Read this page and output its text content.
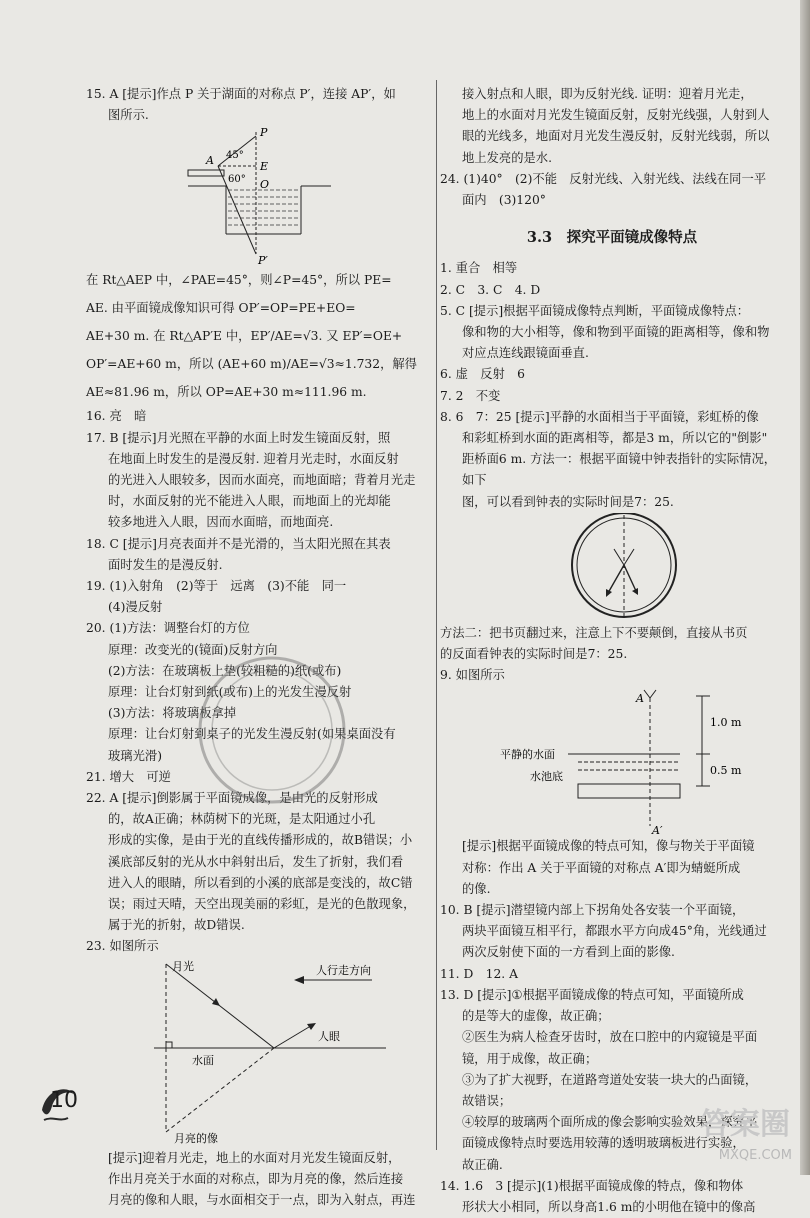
15. A [提示]作点 P 关于湖面的对称点 P′，连接 AP′，如

图所示.

P
A	E
O
P′
45°
60°

在 Rt△AEP 中，∠PAE=45°，则∠P=45°，所以 PE=

AE. 由平面镜成像知识可得 OP′=OP=PE+EO=

AE+30 m. 在 Rt△AP′E 中，EP′/AE=√3. 又 EP′=OE+

OP′=AE+60 m，所以 (AE+60 m)/AE=√3≈1.732，解得

AE≈81.96 m，所以 OP=AE+30 m≈111.96 m.

16. 亮　暗

17. B [提示]月光照在平静的水面上时发生镜面反射，照

在地面上时发生的是漫反射. 迎着月光走时，水面反射

的光进入人眼较多，因而水面亮，而地面暗；背着月光走

时，水面反射的光不能进入人眼，而地面上的光却能

较多地进入人眼，因而水面暗，而地面亮.

18. C [提示]月亮表面并不是光滑的，当太阳光照在其表

面时发生的是漫反射.

19. (1)入射角　(2)等于　远离　(3)不能　同一

(4)漫反射

20. (1)方法：调整台灯的方位

原理：改变光的(镜面)反射方向

(2)方法：在玻璃板上垫(较粗糙的)纸(或布)

原理：让台灯射到纸(或布)上的光发生漫反射

(3)方法：将玻璃板拿掉

原理：让台灯射到桌子的光发生漫反射(如果桌面没有

玻璃光滑)

21. 增大　可逆

22. A [提示]倒影属于平面镜成像，是由光的反射形成

的，故A正确；林荫树下的光斑，是太阳通过小孔

形成的实像，是由于光的直线传播形成的，故B错误；小

溪底部反射的光从水中斜射出后，发生了折射，我们看

进入人的眼睛，所以看到的小溪的底部是变浅的，故C错

误；雨过天晴，天空出现美丽的彩虹，是光的色散现象，

属于光的折射，故D错误.

23. 如图所示

月光	人行走方向
人眼
水面
月亮的像

[提示]迎着月光走，地上的水面对月光发生镜面反射，

作出月亮关于水面的对称点，即为月亮的像，然后连接

月亮的像和人眼，与水面相交于一点，即为入射点，再连

接入射点和人眼，即为反射光线. 证明：迎着月光走，

地上的水面对月光发生镜面反射，反射光线强，人射到人

眼的光线多，地面对月光发生漫反射，反射光线弱，所以

地上发亮的是水.

24. (1)40°　(2)不能　反射光线、入射光线、法线在同一平

面内　(3)120°

3.3　探究平面镜成像特点

1. 重合　相等

2. C　3. C　4. D

5. C [提示]根据平面镜成像特点判断，平面镜成像特点：

像和物的大小相等，像和物到平面镜的距离相等，像和物

对应点连线跟镜面垂直.

6. 虚　反射　6

7. 2　不变

8. 6　7：25 [提示]平静的水面相当于平面镜，彩虹桥的像

和彩虹桥到水面的距离相等，都是3 m，所以它的"倒影"

距桥面6 m. 方法一：根据平面镜中钟表指针的实际情况，如下

图，可以看到钟表的实际时间是7：25.

方法二：把书页翻过来，注意上下不要颠倒，直接从书页

的反面看钟表的实际时间是7：25.

9. 如图所示

A
A′
1.0 m
0.5 m
平静的水面
水池底

[提示]根据平面镜成像的特点可知，像与物关于平面镜

对称：作出 A 关于平面镜的对称点 A′即为蜻蜓所成

的像.

10. B [提示]潜望镜内部上下拐角处各安装一个平面镜，

两块平面镜互相平行，都跟水平方向成45°角，光线通过

两次反射使下面的一方看到上面的影像.

11. D　12. A

13. D [提示]①根据平面镜成像的特点可知，平面镜所成

的是等大的虚像，故正确；

②医生为病人检查牙齿时，放在口腔中的内窥镜是平面

镜，用于成像，故正确；

③为了扩大视野，在道路弯道处安装一块大的凸面镜，

故错误；

④较厚的玻璃两个面所成的像会影响实验效果，探究平

面镜成像特点时要选用较薄的透明玻璃板进行实验，

故正确.

14. 1.6　3 [提示](1)根据平面镜成像的特点，像和物体

形状大小相同，所以身高1.6 m的小明他在镜中的像高

10
答案圈
MXQE.COM
